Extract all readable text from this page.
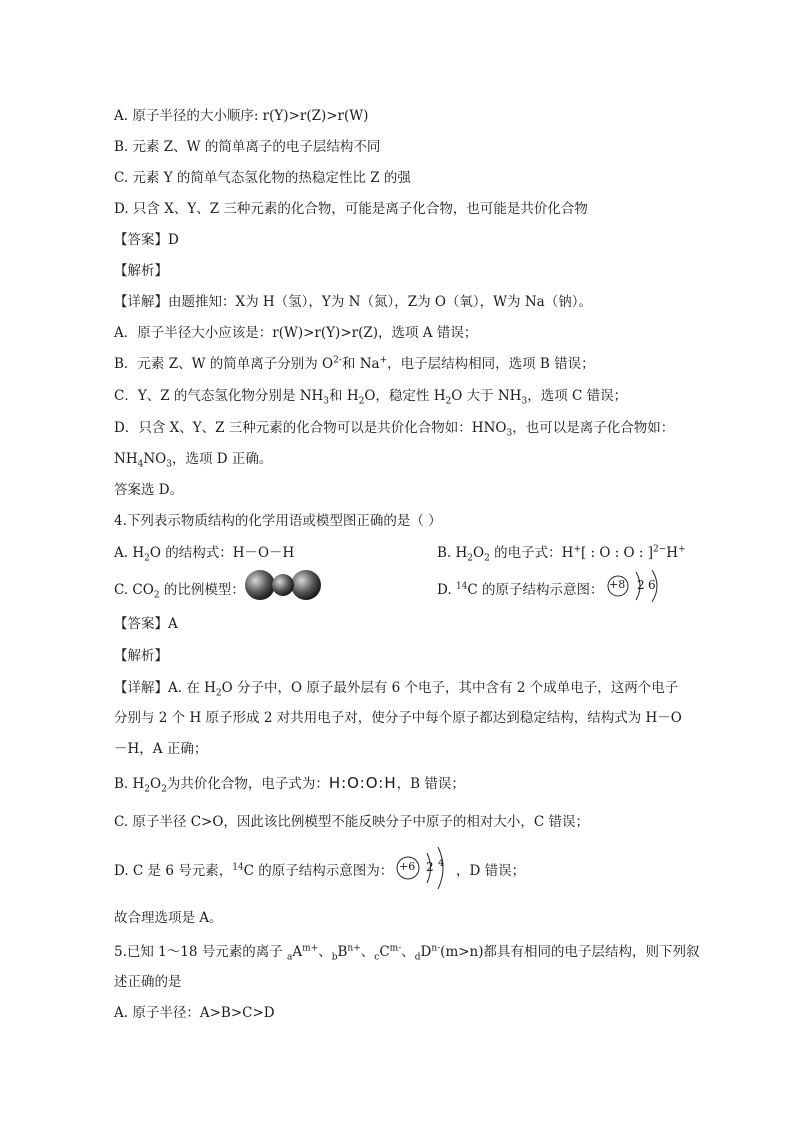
A. 原子半径的大小顺序: r(Y)>r(Z)>r(W)
B. 元素 Z、W 的简单离子的电子层结构不同
C. 元素 Y 的简单气态氢化物的热稳定性比 Z 的强
D. 只含 X、Y、Z 三种元素的化合物，可能是离子化合物，也可能是共价化合物
【答案】D
【解析】
【详解】由题推知：X为 H（氢），Y为 N（氮），Z为 O（氧），W为 Na（钠）。
A．原子半径大小应该是：r(W)>r(Y)>r(Z)，选项 A 错误；
B．元素 Z、W 的简单离子分别为 $O^{2-}$和 Na+，电子层结构相同，选项 B 错误；
C．Y、Z 的气态氢化物分别是 $NH_3$和 $H_2O$，稳定性 $H_2O$ 大于 $NH_3$，选项 C 错误；
D．只含 X、Y、Z 三种元素的化合物可以是共价化合物如：$HNO_3$，也可以是离子化合物如：
$NH_4NO_3$，选项 D 正确。
答案选 D。
4.下列表示物质结构的化学用语或模型图正确的是（ ）
A. $H_2O$ 的结构式：H－O－H	B. $H_2O_2$ 的电子式：H+[ : O : O : ]$^{2-}$H+
C. $CO_2$ 的比例模型：	D. $^{14}$C 的原子结构示意图： +8 2 6
【答案】A
【解析】
【详解】A. 在 $H_2O$ 分子中，O 原子最外层有 6 个电子，其中含有 2 个成单电子，这两个电子
分别与 2 个 H 原子形成 2 对共用电子对，使分子中每个原子都达到稳定结构，结构式为 H－O
－H，A 正确；
B. $H_2O_2$为共价化合物，电子式为：H:O:O:H，B 错误；
C. 原子半径 C>O，因此该比例模型不能反映分子中原子的相对大小，C 错误；
D. C 是 6 号元素，$^{14}$C 的原子结构示意图为： +6 2 4 ，D 错误；
故合理选项是 A。
5.已知 1～18 号元素的离子 $_aA^{m+}$、$_bB^{n+}$、$_cC^{m-}$、$_dD^{n-}(m>n)$都具有相同的电子层结构，则下列叙
述正确的是
A. 原子半径：A>B>C>D
